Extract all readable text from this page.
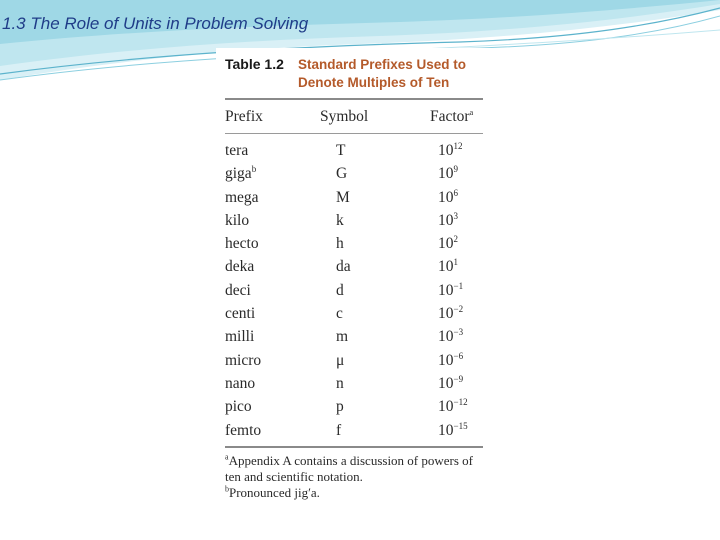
1.3 The Role of Units in Problem Solving
Table 1.2 Standard Prefixes Used to Denote Multiples of Ten
Prefix	Symbol	Factor$^a$
tera	T	$10^{12}$
giga$^b$	G	$10^9$
mega	M	$10^6$
kilo	k	$10^3$
hecto	h	$10^2$
deka	da	$10^1$
deci	d	$10^{-1}$
centi	c	$10^{-2}$
milli	m	$10^{-3}$
micro	μ	$10^{-6}$
nano	n	$10^{-9}$
pico	p	$10^{-12}$
femto	f	$10^{-15}$
$^a$Appendix A contains a discussion of powers of ten and scientific notation.
$^b$Pronounced jig′a.
